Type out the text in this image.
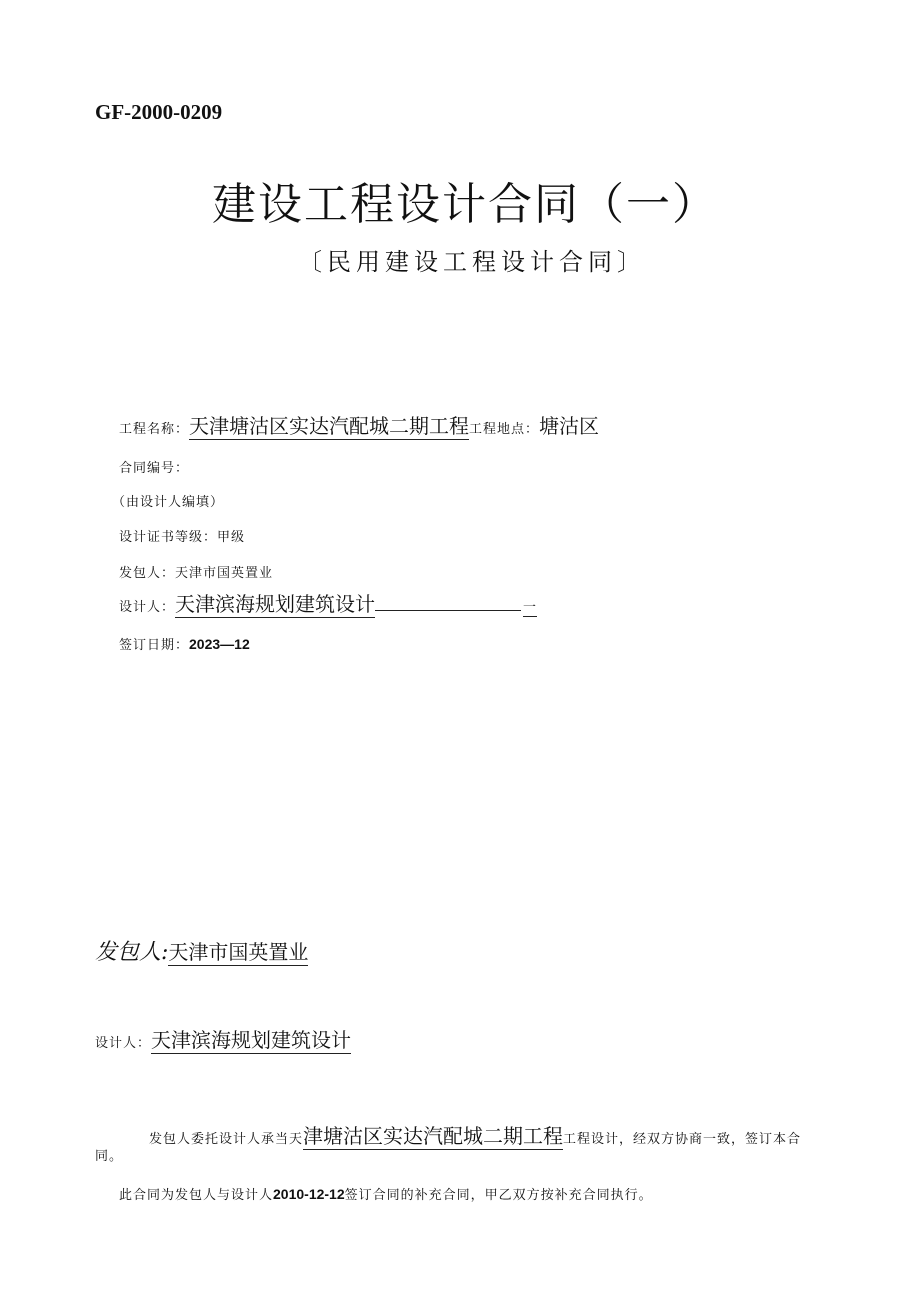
GF-2000-0209
建设工程设计合同（一）
〔民用建设工程设计合同〕
工程名称：天津塘沽区实达汽配城二期工程工程地点：塘沽区
合同编号：
（由设计人编填）
设计证书等级：甲级
发包人：天津市国英置业
设计人：天津滨海规划建筑设计	一
签订日期：2023—12
发包人:天津市国英置业
设计人：天津滨海规划建筑设计
发包人委托设计人承当天津塘沽区实达汽配城二期工程工程设计，经双方协商一致，签订本合
同。
此合同为发包人与设计人2010-12-12签订合同的补充合同，甲乙双方按补充合同执行。
